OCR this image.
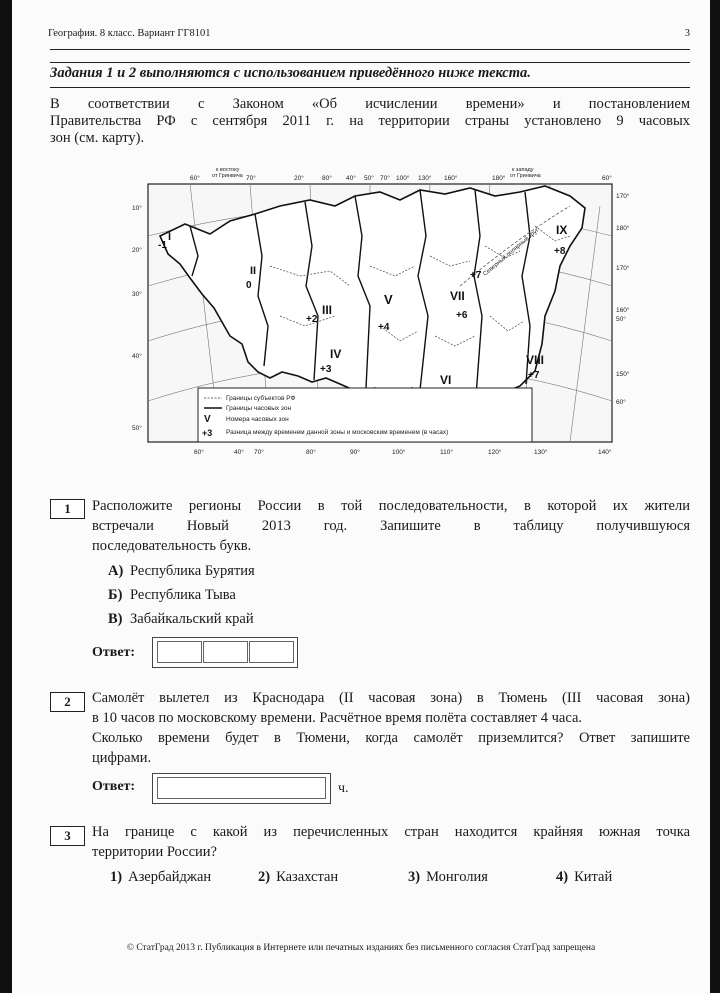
География. 8 класс. Вариант ГГ8101	3
Задания 1 и 2 выполняются с использованием приведённого ниже текста.
В соответствии с Законом «Об исчислении времени» и постановлением
Правительства РФ с сентября 2011 г. на территории страны установлено 9 часовых
зон (см. карту).
60°	70°	20°	80° 40° 50° 70° 100° 130° 160°	180°	60°
к востоку
от Гринвича
к западу
от Гринвича
10°
20°
30°
40°
50°
170°
180°
170°
160°
50°
150°
60°
Северный полярный круг
I
-1
II
0
III
+2
IV
+3
V
+4
VI
VII
+6
VIII
+7
IX
+8
+7
Границы субъектов РФ
Границы часовых зон
V Номера часовых зон
+3 Разница между временем данной зоны и московским временем (в часах)
60°	40° 70°	80°	90°	100°	110°	120°	130°	140°
1	Расположите регионы России в той последовательности, в которой их жители
встречали Новый 2013 год. Запишите в таблицу получившуюся
последовательность букв.
А) Республика Бурятия
Б) Республика Тыва
В) Забайкальский край
Ответ:
2	Самолёт вылетел из Краснодара (II часовая зона) в Тюмень (III часовая зона)
в 10 часов по московскому времени. Расчётное время полёта составляет 4 часа.
Сколько времени будет в Тюмени, когда самолёт приземлится? Ответ запишите
цифрами.
Ответ:	ч.
3	На границе с какой из перечисленных стран находится крайняя южная точка
территории России?
1) Азербайджан	2) Казахстан	3) Монголия	4) Китай
© СтатГрад 2013 г. Публикация в Интернете или печатных изданиях без письменного согласия СтатГрад запрещена
